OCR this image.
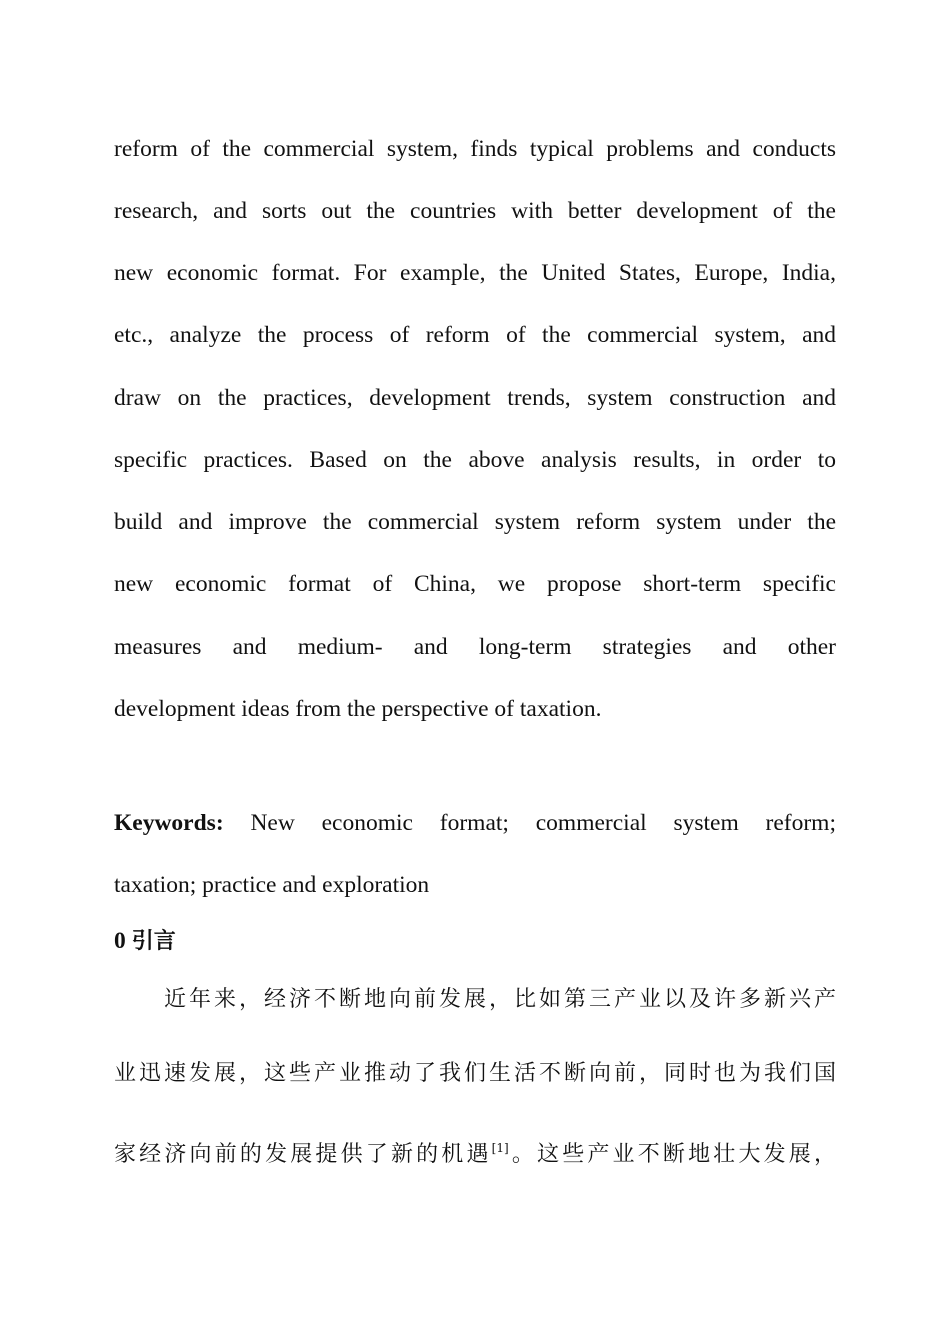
reform of the commercial system, finds typical problems and conducts
research, and sorts out the countries with better development of the
new economic format. For example, the United States, Europe, India,
etc., analyze the process of reform of the commercial system, and
draw on the practices, development trends, system construction and
specific practices. Based on the above analysis results, in order to
build and improve the commercial system reform system under the
new economic format of China, we propose short-term specific
measures and medium- and long-term strategies and other
development ideas from the perspective of taxation.
Keywords: New economic format; commercial system reform;
taxation; practice and exploration
0 引言
近年来，经济不断地向前发展，比如第三产业以及许多新兴产
业迅速发展，这些产业推动了我们生活不断向前，同时也为我们国
家经济向前的发展提供了新的机遇[1]。这些产业不断地壮大发展，
